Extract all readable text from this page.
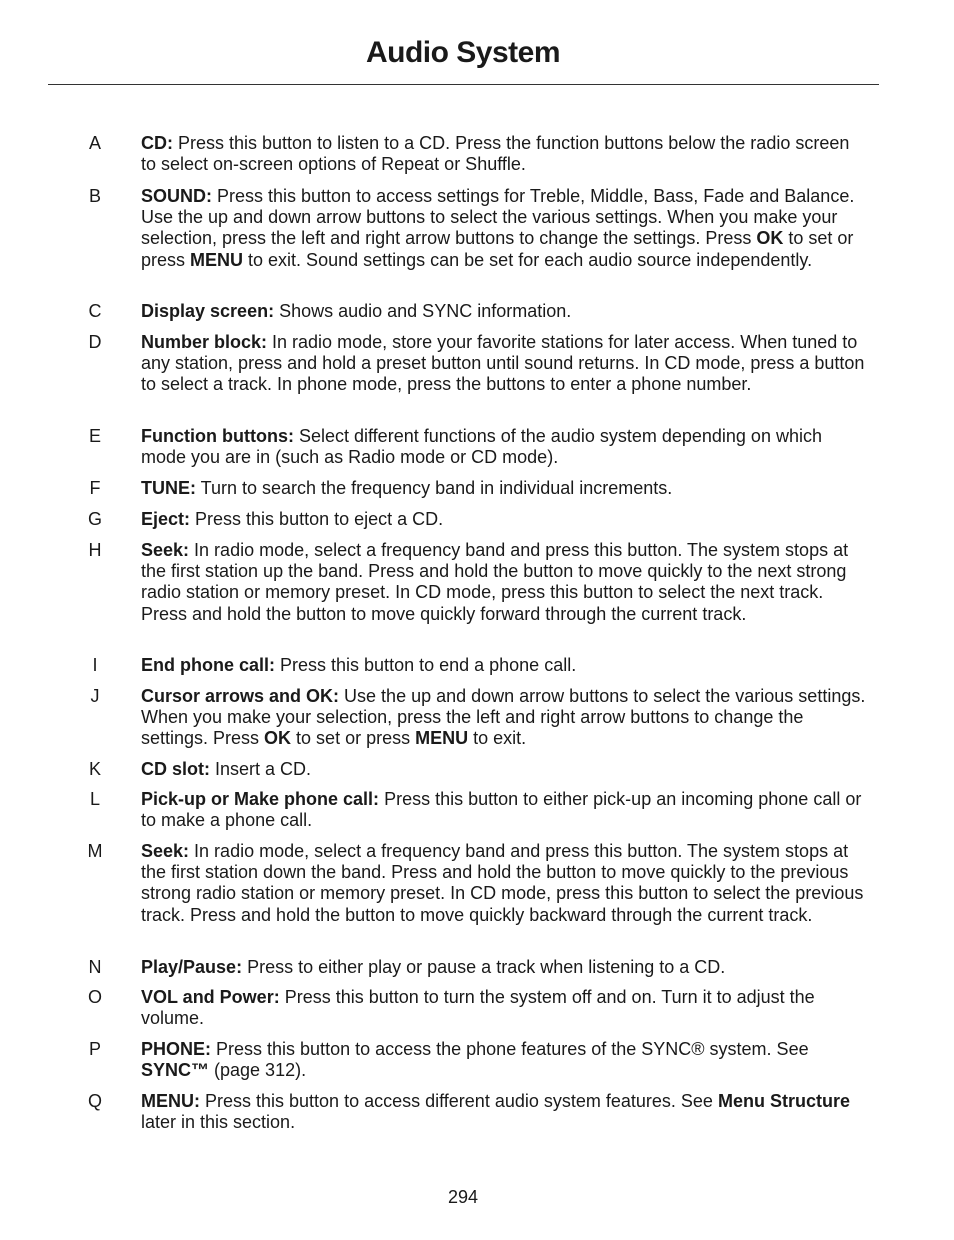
Audio System
A	CD: Press this button to listen to a CD. Press the function buttons below the radio screen to select on-screen options of Repeat or Shuffle.
B	SOUND: Press this button to access settings for Treble, Middle, Bass, Fade and Balance. Use the up and down arrow buttons to select the various settings. When you make your selection, press the left and right arrow buttons to change the settings. Press OK to set or press MENU to exit. Sound settings can be set for each audio source independently.
C	Display screen: Shows audio and SYNC information.
D	Number block: In radio mode, store your favorite stations for later access. When tuned to any station, press and hold a preset button until sound returns. In CD mode, press a button to select a track. In phone mode, press the buttons to enter a phone number.
E	Function buttons: Select different functions of the audio system depending on which mode you are in (such as Radio mode or CD mode).
F	TUNE: Turn to search the frequency band in individual increments.
G	Eject: Press this button to eject a CD.
H	Seek: In radio mode, select a frequency band and press this button. The system stops at the first station up the band. Press and hold the button to move quickly to the next strong radio station or memory preset. In CD mode, press this button to select the next track. Press and hold the button to move quickly forward through the current track.
I	End phone call: Press this button to end a phone call.
J	Cursor arrows and OK: Use the up and down arrow buttons to select the various settings. When you make your selection, press the left and right arrow buttons to change the settings. Press OK to set or press MENU to exit.
K	CD slot: Insert a CD.
L	Pick-up or Make phone call: Press this button to either pick-up an incoming phone call or to make a phone call.
M	Seek: In radio mode, select a frequency band and press this button. The system stops at the first station down the band. Press and hold the button to move quickly to the previous strong radio station or memory preset. In CD mode, press this button to select the previous track. Press and hold the button to move quickly backward through the current track.
N	Play/Pause: Press to either play or pause a track when listening to a CD.
O	VOL and Power: Press this button to turn the system off and on. Turn it to adjust the volume.
P	PHONE: Press this button to access the phone features of the SYNC® system. See SYNC™ (page 312).
Q	MENU: Press this button to access different audio system features. See Menu Structure later in this section.
294
